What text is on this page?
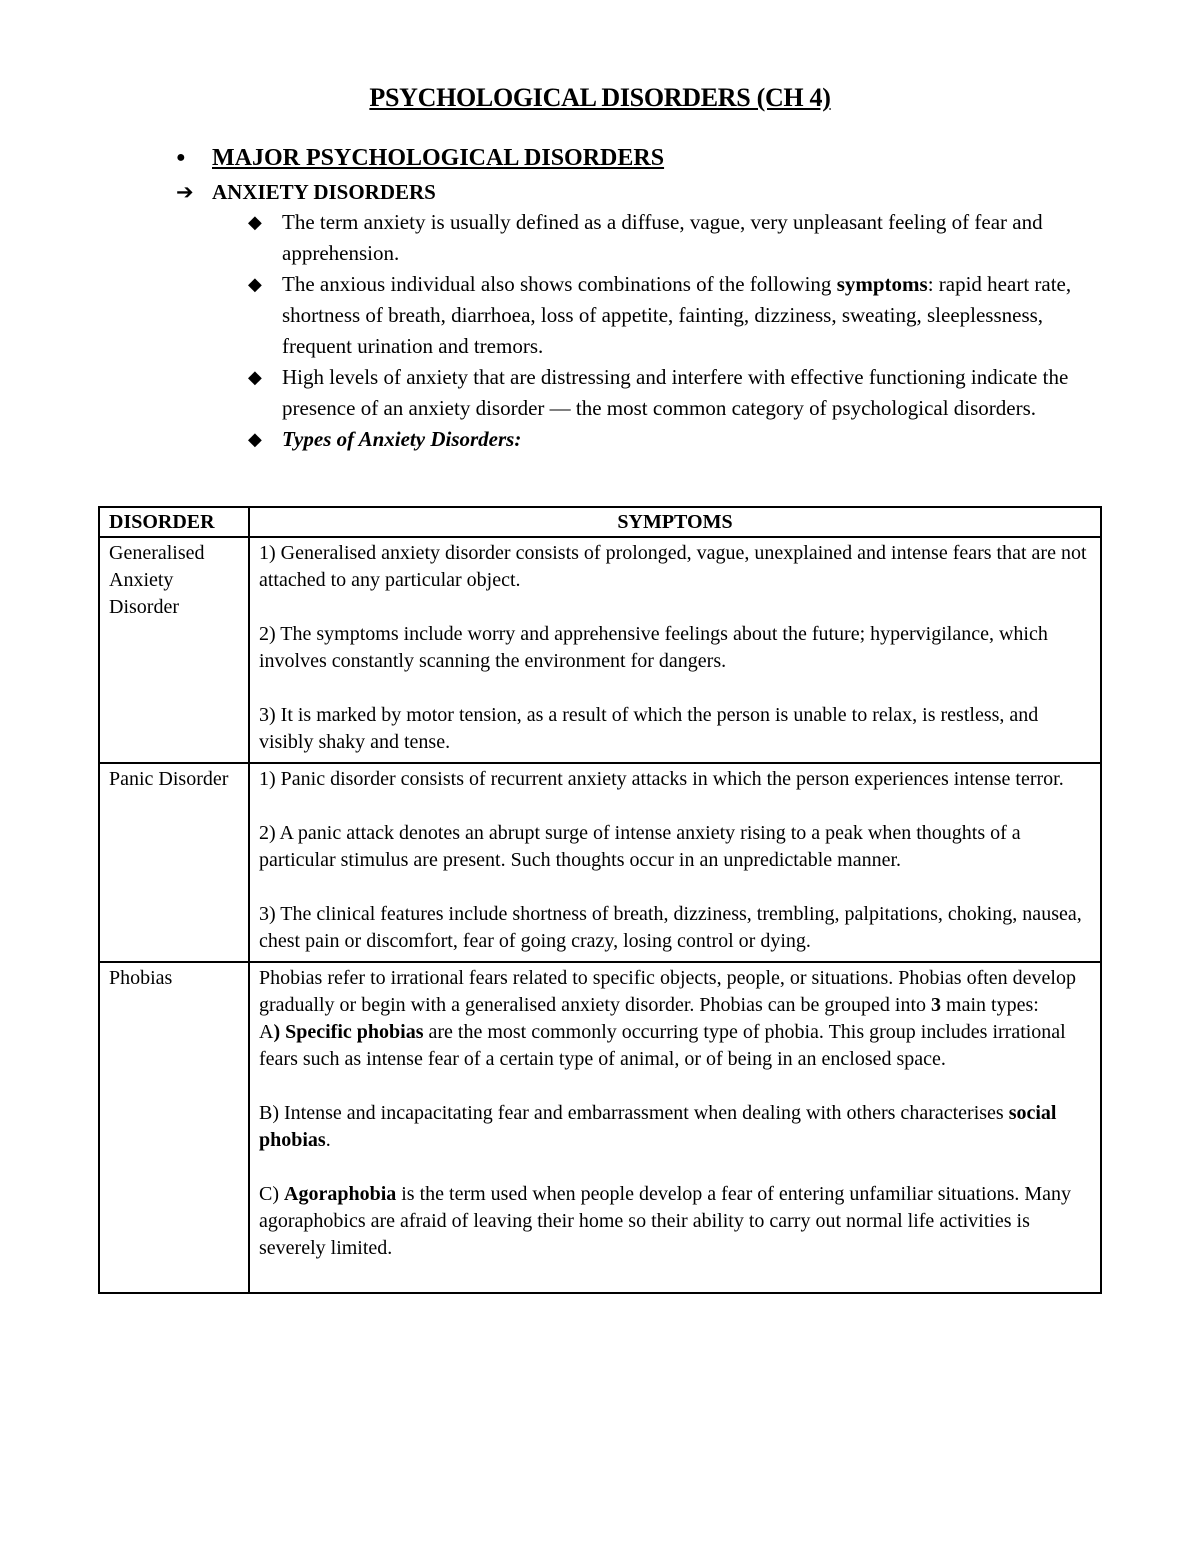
PSYCHOLOGICAL DISORDERS (CH 4)
● MAJOR PSYCHOLOGICAL DISORDERS
➔ ANXIETY DISORDERS
◆ The term anxiety is usually defined as a diffuse, vague, very unpleasant feeling of fear and apprehension.
◆ The anxious individual also shows combinations of the following symptoms: rapid heart rate, shortness of breath, diarrhoea, loss of appetite, fainting, dizziness, sweating, sleeplessness, frequent urination and tremors.
◆ High levels of anxiety that are distressing and interfere with effective functioning indicate the presence of an anxiety disorder — the most common category of psychological disorders.
◆ Types of Anxiety Disorders:
DISORDER	SYMPTOMS
Generalised Anxiety Disorder	1) Generalised anxiety disorder consists of prolonged, vague, unexplained and intense fears that are not attached to any particular object.
2) The symptoms include worry and apprehensive feelings about the future; hypervigilance, which involves constantly scanning the environment for dangers.
3) It is marked by motor tension, as a result of which the person is unable to relax, is restless, and visibly shaky and tense.

Panic Disorder	1) Panic disorder consists of recurrent anxiety attacks in which the person experiences intense terror.
2) A panic attack denotes an abrupt surge of intense anxiety rising to a peak when thoughts of a particular stimulus are present. Such thoughts occur in an unpredictable manner.
3) The clinical features include shortness of breath, dizziness, trembling, palpitations, choking, nausea, chest pain or discomfort, fear of going crazy, losing control or dying.

Phobias	Phobias refer to irrational fears related to specific objects, people, or situations. Phobias often develop gradually or begin with a generalised anxiety disorder. Phobias can be grouped into 3 main types:
A) Specific phobias are the most commonly occurring type of phobia. This group includes irrational fears such as intense fear of a certain type of animal, or of being in an enclosed space.
B) Intense and incapacitating fear and embarrassment when dealing with others characterises social phobias.
C) Agoraphobia is the term used when people develop a fear of entering unfamiliar situations. Many agoraphobics are afraid of leaving their home so their ability to carry out normal life activities is severely limited.
